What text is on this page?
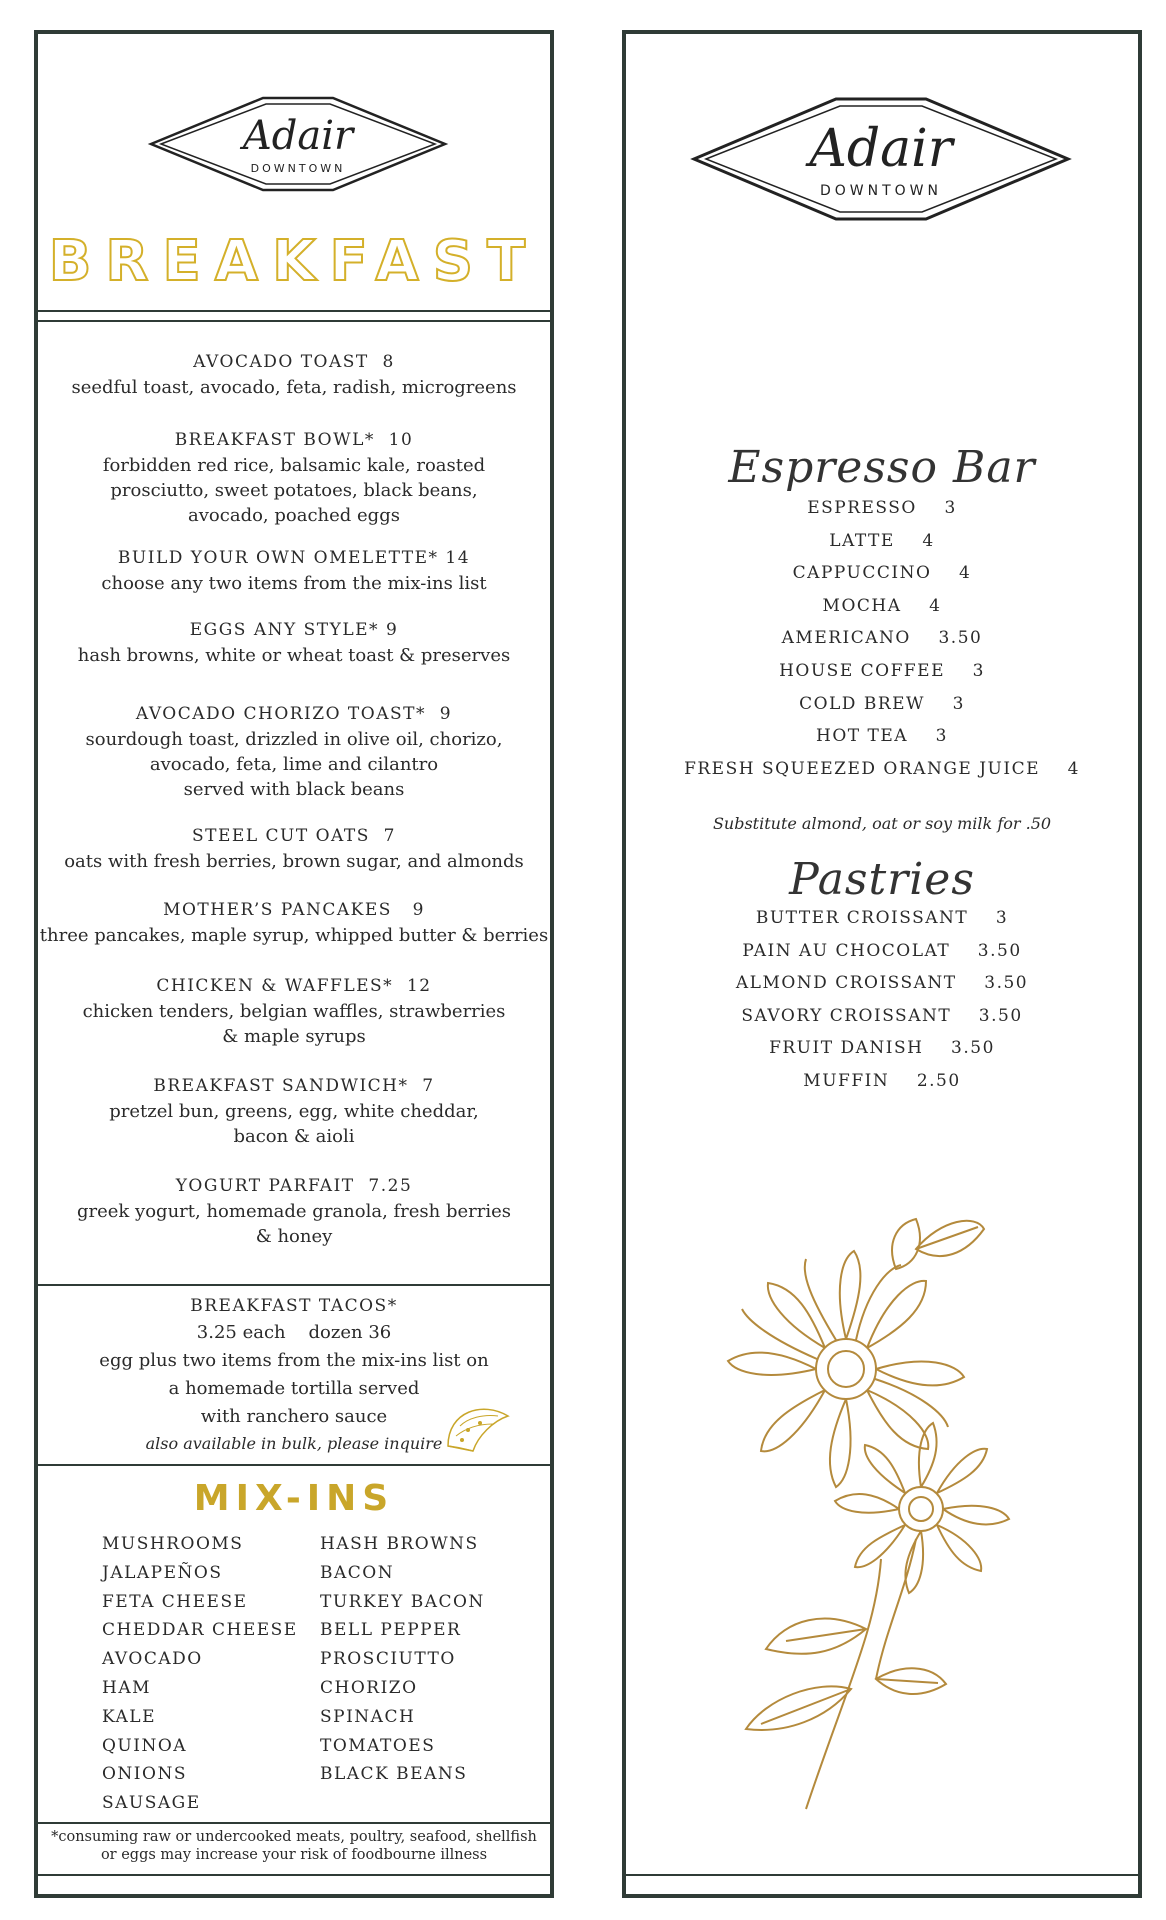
Adair
DOWNTOWN
BREAKFAST
AVOCADO TOAST  8
seedful toast, avocado, feta, radish, microgreens
BREAKFAST BOWL*  10
forbidden red rice, balsamic kale, roasted
prosciutto, sweet potatoes, black beans,
avocado, poached eggs
BUILD YOUR OWN OMELETTE* 14
choose any two items from the mix-ins list
EGGS ANY STYLE* 9
hash browns, white or wheat toast & preserves
AVOCADO CHORIZO TOAST*  9
sourdough toast, drizzled in olive oil, chorizo,
avocado, feta, lime and cilantro
served with black beans
STEEL CUT OATS  7
oats with fresh berries, brown sugar, and almonds
MOTHER’S PANCAKES   9
three pancakes, maple syrup, whipped butter & berries
CHICKEN & WAFFLES*  12
chicken tenders, belgian waffles, strawberries
& maple syrups
BREAKFAST SANDWICH*  7
pretzel bun, greens, egg, white cheddar,
bacon & aioli
YOGURT PARFAIT  7.25
greek yogurt, homemade granola, fresh berries
& honey
BREAKFAST TACOS*
3.25 each    dozen 36
egg plus two items from the mix-ins list on
a homemade tortilla served
with ranchero sauce
also available in bulk, please inquire
MIX-INS
MUSHROOMS
JALAPEÑOS
FETA CHEESE
CHEDDAR CHEESE
AVOCADO
HAM
KALE
QUINOA
ONIONS
SAUSAGE
HASH BROWNS
BACON
TURKEY BACON
BELL PEPPER
PROSCIUTTO
CHORIZO
SPINACH
TOMATOES
BLACK BEANS
*consuming raw or undercooked meats, poultry, seafood, shellfish
or eggs may increase your risk of foodbourne illness
Adair
DOWNTOWN
Espresso Bar
ESPRESSO    3
LATTE    4
CAPPUCCINO    4
MOCHA    4
AMERICANO    3.50
HOUSE COFFEE    3
COLD BREW    3
HOT TEA    3
FRESH SQUEEZED ORANGE JUICE    4
Substitute almond, oat or soy milk for .50
Pastries
BUTTER CROISSANT    3
PAIN AU CHOCOLAT    3.50
ALMOND CROISSANT    3.50
SAVORY CROISSANT    3.50
FRUIT DANISH    3.50
MUFFIN    2.50
